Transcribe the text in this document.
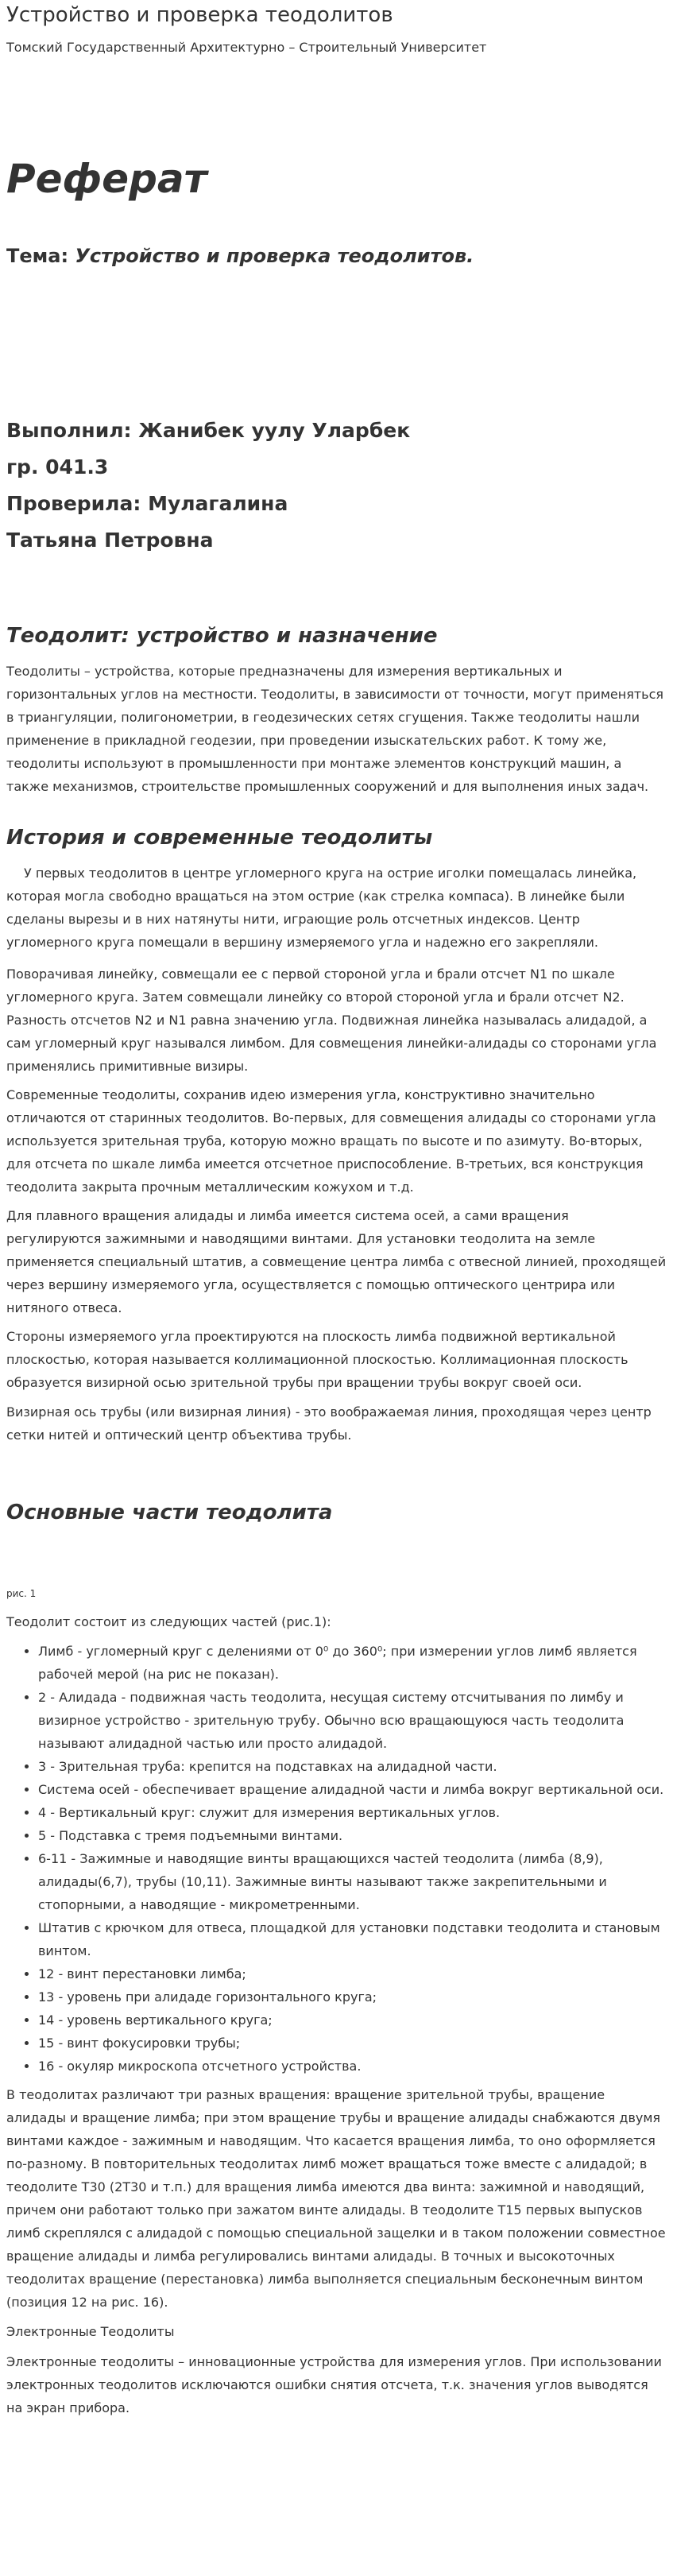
Устройство и проверка теодолитов

Томский Государственный Архитектурно – Строительный Университет

Реферат

Тема: Устройство и проверка теодолитов.

Выполнил: Жанибек уулу Уларбек

гр. 041.3

Проверила: Мулагалина

Татьяна Петровна

Теодолит: устройство и назначение

Теодолиты – устройства, которые предназначены для измерения вертикальных и горизонтальных углов на местности. Теодолиты, в зависимости от точности, могут применяться в триангуляции, полигонометрии, в геодезических сетях сгущения. Также теодолиты нашли применение в прикладной геодезии, при проведении изыскательских работ. К тому же, теодолиты используют в промышленности при монтаже элементов конструкций машин, а также механизмов, строительстве промышленных сооружений и для выполнения иных задач.

История и современные теодолиты

У первых теодолитов в центре угломерного круга на острие иголки помещалась линейка, которая могла свободно вращаться на этом острие (как стрелка компаса). В линейке были сделаны вырезы и в них натянуты нити, играющие роль отсчетных индексов. Центр угломерного круга помещали в вершину измеряемого угла и надежно его закрепляли.

Поворачивая линейку, совмещали ее с первой стороной угла и брали отсчет N1 по шкале угломерного круга. Затем совмещали линейку со второй стороной угла и брали отсчет N2. Разность отсчетов N2 и N1 равна значению угла. Подвижная линейка называлась алидадой, а сам угломерный круг назывался лимбом. Для совмещения линейки-алидады со сторонами угла применялись примитивные визиры.

Современные теодолиты, сохранив идею измерения угла, конструктивно значительно отличаются от старинных теодолитов. Во-первых, для совмещения алидады со сторонами угла используется зрительная труба, которую можно вращать по высоте и по азимуту. Во-вторых, для отсчета по шкале лимба имеется отсчетное приспособление. В-третьих, вся конструкция теодолита закрыта прочным металлическим кожухом и т.д.

Для плавного вращения алидады и лимба имеется система осей, а сами вращения регулируются зажимными и наводящими винтами. Для установки теодолита на земле применяется специальный штатив, а совмещение центра лимба с отвесной линией, проходящей через вершину измеряемого угла, осуществляется с помощью оптического центрира или нитяного отвеса.

Стороны измеряемого угла проектируются на плоскость лимба подвижной вертикальной плоскостью, которая называется коллимационной плоскостью. Коллимационная плоскость образуется визирной осью зрительной трубы при вращении трубы вокруг своей оси.

Визирная ось трубы (или визирная линия) - это воображаемая линия, проходящая через центр сетки нитей и оптический центр объектива трубы.

Основные части теодолита

рис. 1

Теодолит состоит из следующих частей (рис.1):

• Лимб - угломерный круг с делениями от 0⁰ до 360⁰; при измерении углов лимб является рабочей мерой (на рис не показан).
• 2 - Алидада - подвижная часть теодолита, несущая систему отсчитывания по лимбу и визирное устройство - зрительную трубу. Обычно всю вращающуюся часть теодолита называют алидадной частью или просто алидадой.
• 3 - Зрительная труба: крепится на подставках на алидадной части.
• Система осей - обеспечивает вращение алидадной части и лимба вокруг вертикальной оси.
• 4 - Вертикальный круг: служит для измерения вертикальных углов.
• 5 - Подставка с тремя подъемными винтами.
• 6-11 - Зажимные и наводящие винты вращающихся частей теодолита (лимба (8,9), алидады(6,7), трубы (10,11). Зажимные винты называют также закрепительными и стопорными, а наводящие - микрометренными.
• Штатив с крючком для отвеса, площадкой для установки подставки теодолита и становым винтом.
• 12 - винт перестановки лимба;
• 13 - уровень при алидаде горизонтального круга;
• 14 - уровень вертикального круга;
• 15 - винт фокусировки трубы;
• 16 - окуляр микроскопа отсчетного устройства.

В теодолитах различают три разных вращения: вращение зрительной трубы, вращение алидады и вращение лимба; при этом вращение трубы и вращение алидады снабжаются двумя винтами каждое - зажимным и наводящим. Что касается вращения лимба, то оно оформляется по-разному. В повторительных теодолитах лимб может вращаться тоже вместе с алидадой; в теодолите Т30 (2Т30 и т.п.) для вращения лимба имеются два винта: зажимной и наводящий, причем они работают только при зажатом винте алидады. В теодолите Т15 первых выпусков лимб скреплялся с алидадой с помощью специальной защелки и в таком положении совместное вращение алидады и лимба регулировались винтами алидады. В точных и высокоточных теодолитах вращение (перестановка) лимба выполняется специальным бесконечным винтом (позиция 12 на рис. 16).

Электронные Теодолиты

Электронные теодолиты – инновационные устройства для измерения углов. При использовании электронных теодолитов исключаются ошибки снятия отсчета, т.к. значения углов выводятся на экран прибора.
